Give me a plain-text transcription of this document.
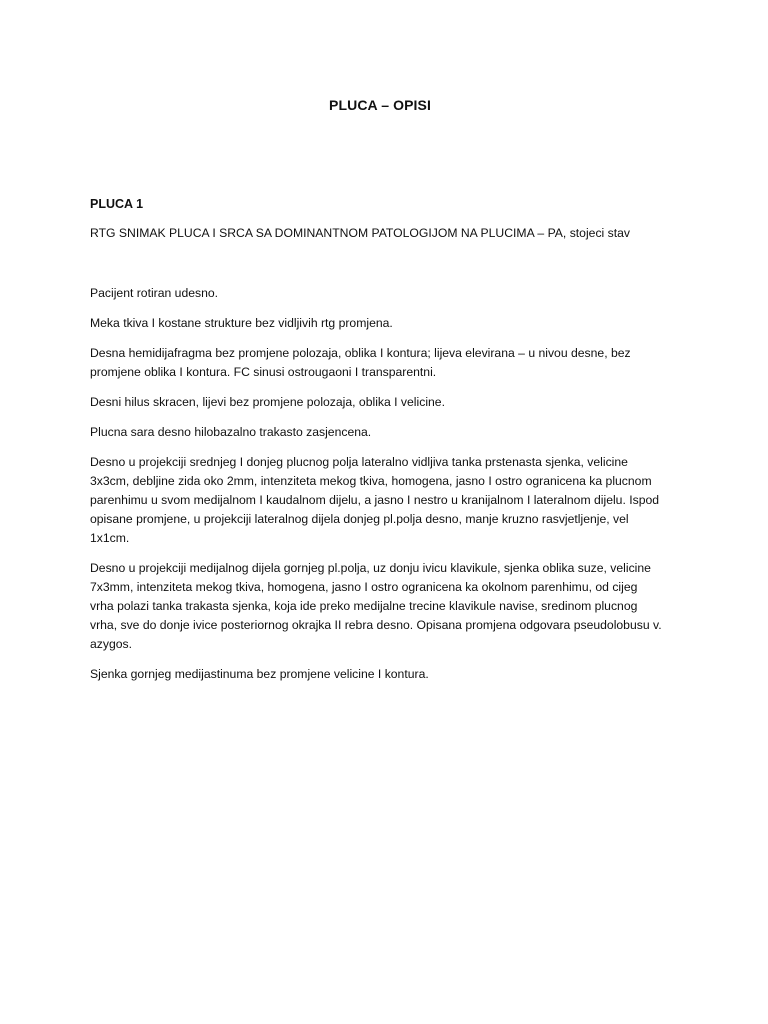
PLUCA – OPISI
PLUCA 1
RTG SNIMAK PLUCA I SRCA SA DOMINANTNOM PATOLOGIJOM NA PLUCIMA – PA, stojeci stav

Pacijent rotiran udesno.

Meka tkiva I kostane strukture bez vidljivih rtg promjena.

Desna hemidijafragma bez promjene polozaja, oblika I kontura; lijeva elevirana – u nivou desne, bez promjene oblika I kontura. FC sinusi ostrougaoni I transparentni.

Desni hilus skracen, lijevi bez promjene polozaja, oblika I velicine.

Plucna sara desno hilobazalno trakasto zasjencena.

Desno u projekciji srednjeg I donjeg plucnog polja lateralno vidljiva tanka prstenasta sjenka, velicine 3x3cm, debljine zida oko 2mm, intenziteta mekog tkiva, homogena, jasno I ostro ogranicena ka plucnom parenhimu u svom medijalnom I kaudalnom dijelu, a jasno I nestro u kranijalnom I lateralnom dijelu. Ispod opisane promjene, u projekciji lateralnog dijela donjeg pl.polja desno, manje kruzno rasvjetljenje, vel 1x1cm.

Desno u projekciji medijalnog dijela gornjeg pl.polja, uz donju ivicu klavikule, sjenka oblika suze, velicine 7x3mm, intenziteta mekog tkiva, homogena, jasno I ostro ogranicena ka okolnom parenhimu, od cijeg vrha polazi tanka trakasta sjenka, koja ide preko medijalne trecine klavikule navise, sredinom plucnog vrha, sve do donje ivice posteriornog okrajka II rebra desno. Opisana promjena odgovara pseudolobusu v. azygos.

Sjenka gornjeg medijastinuma bez promjene velicine I kontura.
